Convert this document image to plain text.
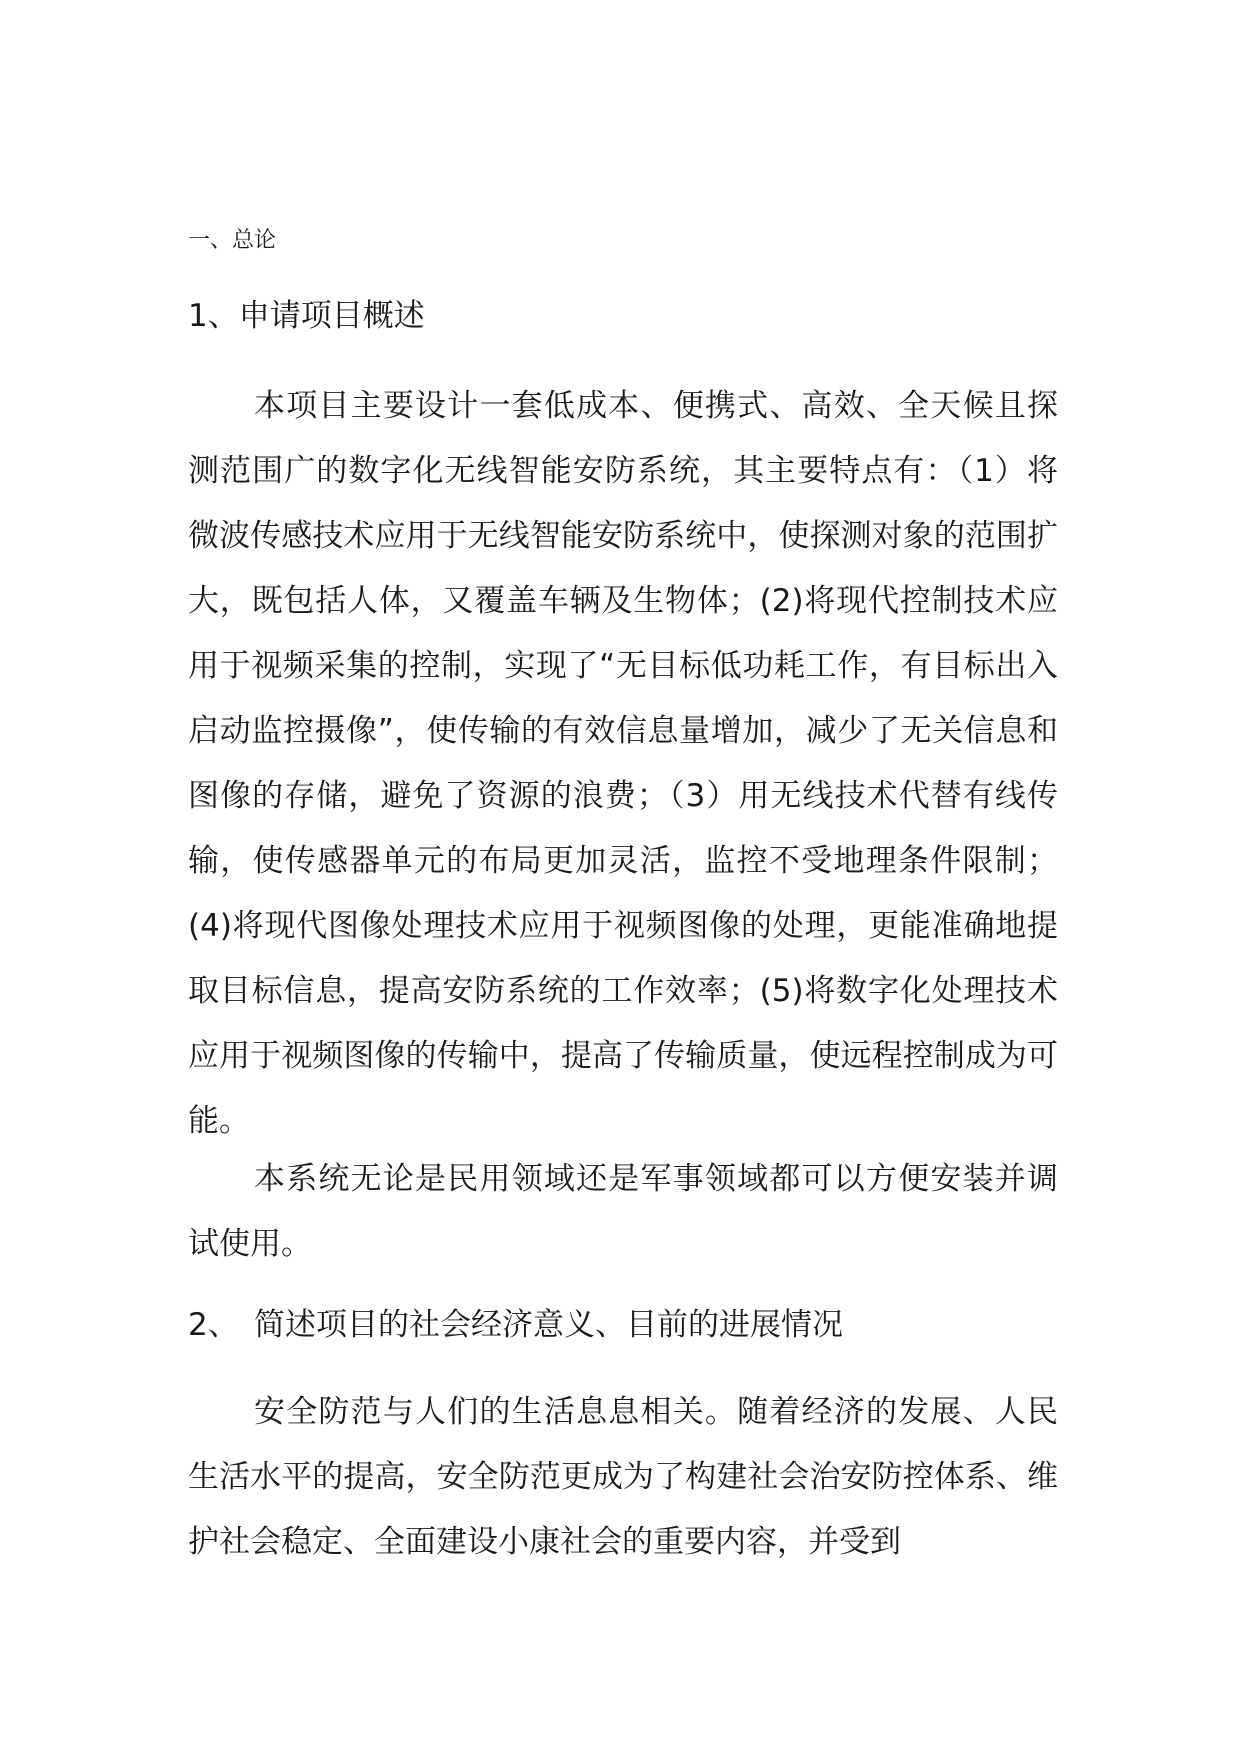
一、总论
1、申请项目概述

本项目主要设计一套低成本、便携式、高效、全天候且探测范围广的数字化无线智能安防系统，其主要特点有：（1）将微波传感技术应用于无线智能安防系统中，使探测对象的范围扩大，既包括人体，又覆盖车辆及生物体；(2)将现代控制技术应用于视频采集的控制，实现了“无目标低功耗工作，有目标出入启动监控摄像”，使传输的有效信息量增加，减少了无关信息和图像的存储，避免了资源的浪费；（3）用无线技术代替有线传输，使传感器单元的布局更加灵活，监控不受地理条件限制；(4)将现代图像处理技术应用于视频图像的处理，更能准确地提取目标信息，提高安防系统的工作效率；(5)将数字化处理技术应用于视频图像的传输中，提高了传输质量，使远程控制成为可能。

本系统无论是民用领域还是军事领域都可以方便安装并调试使用。

2、 简述项目的社会经济意义、目前的进展情况

安全防范与人们的生活息息相关。随着经济的发展、人民生活水平的提高，安全防范更成为了构建社会治安防控体系、维护社会稳定、全面建设小康社会的重要内容，并受到
